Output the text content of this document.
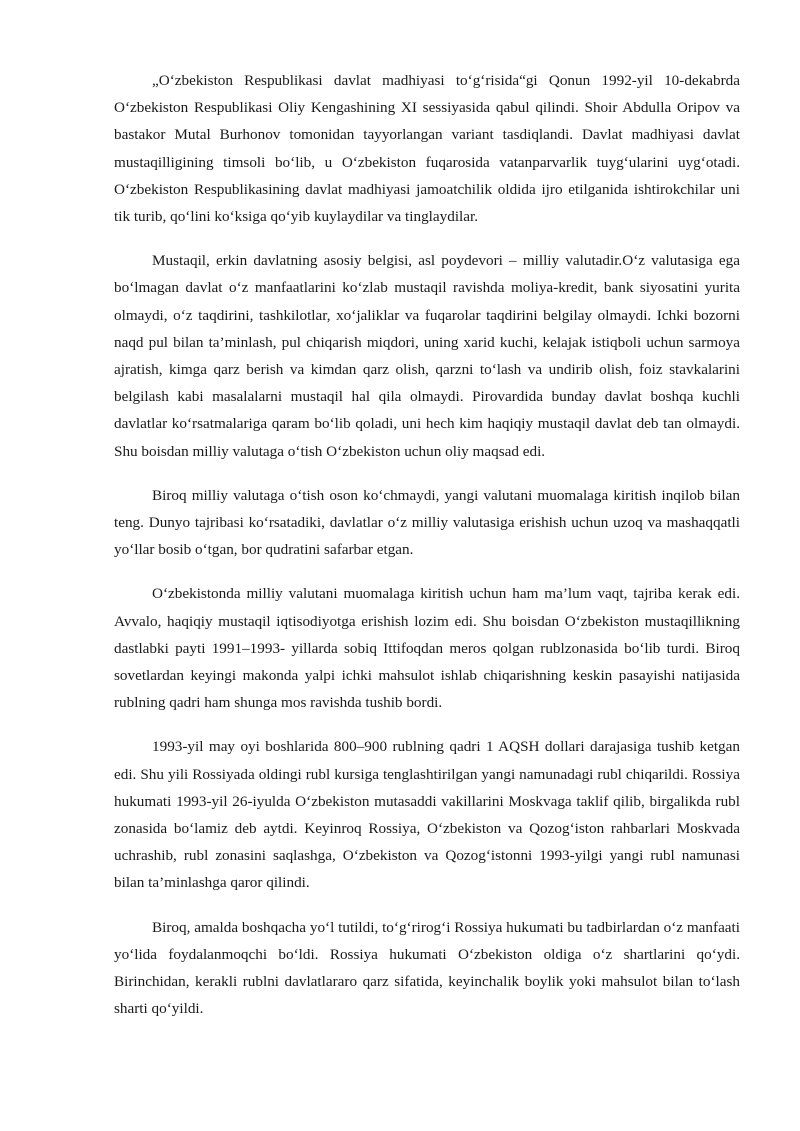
„O‘zbekiston Respublikasi davlat madhiyasi to‘g‘risida“gi Qonun 1992-yil 10-dekabrda O‘zbekiston Respublikasi Oliy Kengashining XI sessiyasida qabul qilindi. Shoir Abdulla Oripov va bastakor Mutal Burhonov tomonidan tayyorlangan variant tasdiqlandi. Davlat madhiyasi davlat mustaqilligining timsoli bo‘lib, u O‘zbekiston fuqarosida vatanparvarlik tuyg‘ularini uyg‘otadi. O‘zbekiston Respublikasining davlat madhiyasi jamoatchilik oldida ijro etilganida ishtirokchilar uni tik turib, qo‘lini ko‘ksiga qo‘yib kuylaydilar va tinglaydilar.

Mustaqil, erkin davlatning asosiy belgisi, asl poydevori – milliy valutadir.O‘z valutasiga ega bo‘lmagan davlat o‘z manfaatlarini ko‘zlab mustaqil ravishda moliya-kredit, bank siyosatini yurita olmaydi, o‘z taqdirini, tashkilotlar, xo‘jaliklar va fuqarolar taqdirini belgilay olmaydi. Ichki bozorni naqd pul bilan ta’minlash, pul chiqarish miqdori, uning xarid kuchi, kelajak istiqboli uchun sarmoya ajratish, kimga qarz berish va kimdan qarz olish, qarzni to‘lash va undirib olish, foiz stavkalarini belgilash kabi masalalarni mustaqil hal qila olmaydi. Pirovardida bunday davlat boshqa kuchli davlatlar ko‘rsatmalariga qaram bo‘lib qoladi, uni hech kim haqiqiy mustaqil davlat deb tan olmaydi. Shu boisdan milliy valutaga o‘tish O‘zbekiston uchun oliy maqsad edi.

Biroq milliy valutaga o‘tish oson ko‘chmaydi, yangi valutani muomalaga kiritish inqilob bilan teng. Dunyo tajribasi ko‘rsatadiki, davlatlar o‘z milliy valutasiga erishish uchun uzoq va mashaqqatli yo‘llar bosib o‘tgan, bor qudratini safarbar etgan.

O‘zbekistonda milliy valutani muomalaga kiritish uchun ham ma’lum vaqt, tajriba kerak edi. Avvalo, haqiqiy mustaqil iqtisodiyotga erishish lozim edi. Shu boisdan O‘zbekiston mustaqillikning dastlabki payti 1991–1993- yillarda sobiq Ittifoqdan meros qolgan rublzonasida bo‘lib turdi. Biroq sovetlardan keyingi makonda yalpi ichki mahsulot ishlab chiqarishning keskin pasayishi natijasida rublning qadri ham shunga mos ravishda tushib bordi.

1993-yil may oyi boshlarida 800–900 rublning qadri 1 AQSH dollari darajasiga tushib ketgan edi. Shu yili Rossiyada oldingi rubl kursiga tenglashtirilgan yangi namunadagi rubl chiqarildi. Rossiya hukumati 1993-yil 26-iyulda O‘zbekiston mutasaddi vakillarini Moskvaga taklif qilib, birgalikda rubl zonasida bo‘lamiz deb aytdi. Keyinroq Rossiya, O‘zbekiston va Qozog‘iston rahbarlari Moskvada uchrashib, rubl zonasini saqlashga, O‘zbekiston va Qozog‘istonni 1993-yilgi yangi rubl namunasi bilan ta’minlashga qaror qilindi.

Biroq, amalda boshqacha yo‘l tutildi, to‘g‘rirog‘i Rossiya hukumati bu tadbirlardan o‘z manfaati yo‘lida foydalanmoqchi bo‘ldi. Rossiya hukumati O‘zbekiston oldiga o‘z shartlarini qo‘ydi. Birinchidan, kerakli rublni davlatlararo qarz sifatida, keyinchalik boylik yoki mahsulot bilan to‘lash sharti qo‘yildi.
